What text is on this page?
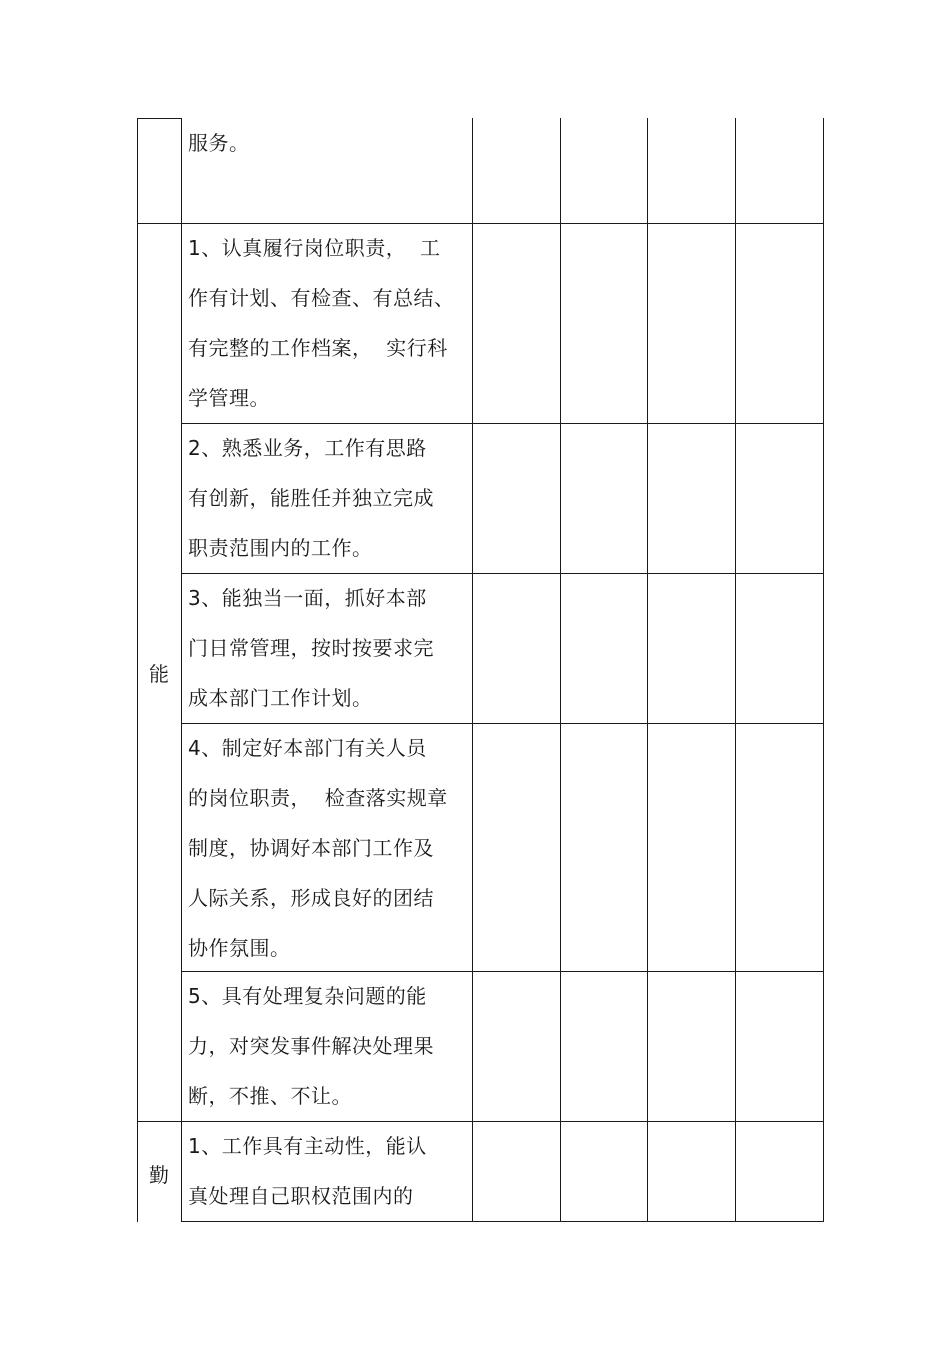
能
勤
服务。
1、认真履行岗位职责，  工
作有计划、有检查、有总结、
有完整的工作档案，  实行科
学管理。
2、熟悉业务，工作有思路
有创新，能胜任并独立完成
职责范围内的工作。
3、能独当一面，抓好本部
门日常管理，按时按要求完
成本部门工作计划。
4、制定好本部门有关人员
的岗位职责，  检查落实规章
制度，协调好本部门工作及
人际关系，形成良好的团结
协作氛围。
5、具有处理复杂问题的能
力，对突发事件解决处理果
断，不推、不让。
1、工作具有主动性，能认
真处理自己职权范围内的
